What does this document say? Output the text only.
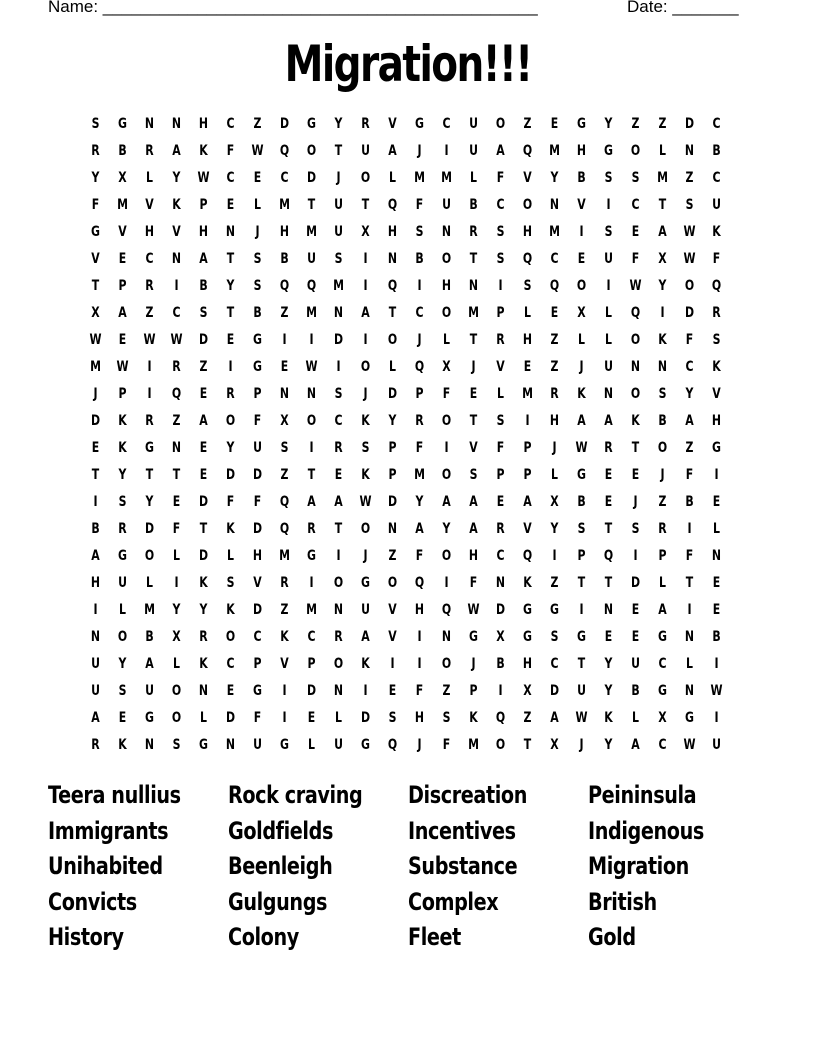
Name: ______________________________________________	Date: _______
Migration!!!
S	G	N	N	H	C	Z	D	G	Y	R	V	G	C	U	O	Z	E	G	Y	Z	Z	D	C
R	B	R	A	K	F	W	Q	O	T	U	A	J	I	U	A	Q	M	H	G	O	L	N	B
Y	X	L	Y	W	C	E	C	D	J	O	L	M	M	L	F	V	Y	B	S	S	M	Z	C
F	M	V	K	P	E	L	M	T	U	T	Q	F	U	B	C	O	N	V	I	C	T	S	U
G	V	H	V	H	N	J	H	M	U	X	H	S	N	R	S	H	M	I	S	E	A	W	K
V	E	C	N	A	T	S	B	U	S	I	N	B	O	T	S	Q	C	E	U	F	X	W	F
T	P	R	I	B	Y	S	Q	Q	M	I	Q	I	H	N	I	S	Q	O	I	W	Y	O	Q
X	A	Z	C	S	T	B	Z	M	N	A	T	C	O	M	P	L	E	X	L	Q	I	D	R
W	E	W	W	D	E	G	I	I	D	I	O	J	L	T	R	H	Z	L	L	O	K	F	S
M	W	I	R	Z	I	G	E	W	I	O	L	Q	X	J	V	E	Z	J	U	N	N	C	K
J	P	I	Q	E	R	P	N	N	S	J	D	P	F	E	L	M	R	K	N	O	S	Y	V
D	K	R	Z	A	O	F	X	O	C	K	Y	R	O	T	S	I	H	A	A	K	B	A	H
E	K	G	N	E	Y	U	S	I	R	S	P	F	I	V	F	P	J	W	R	T	O	Z	G
T	Y	T	T	E	D	D	Z	T	E	K	P	M	O	S	P	P	L	G	E	E	J	F	I
I	S	Y	E	D	F	F	Q	A	A	W	D	Y	A	A	E	A	X	B	E	J	Z	B	E
B	R	D	F	T	K	D	Q	R	T	O	N	A	Y	A	R	V	Y	S	T	S	R	I	L
A	G	O	L	D	L	H	M	G	I	J	Z	F	O	H	C	Q	I	P	Q	I	P	F	N
H	U	L	I	K	S	V	R	I	O	G	O	Q	I	F	N	K	Z	T	T	D	L	T	E
I	L	M	Y	Y	K	D	Z	M	N	U	V	H	Q	W	D	G	G	I	N	E	A	I	E
N	O	B	X	R	O	C	K	C	R	A	V	I	N	G	X	G	S	G	E	E	G	N	B
U	Y	A	L	K	C	P	V	P	O	K	I	I	O	J	B	H	C	T	Y	U	C	L	I
U	S	U	O	N	E	G	I	D	N	I	E	F	Z	P	I	X	D	U	Y	B	G	N	W
A	E	G	O	L	D	F	I	E	L	D	S	H	S	K	Q	Z	A	W	K	L	X	G	I
R	K	N	S	G	N	U	G	L	U	G	Q	J	F	M	O	T	X	J	Y	A	C	W	U
Teera nullius
Immigrants
Unihabited
Convicts
History
Rock craving
Goldfields
Beenleigh
Gulgungs
Colony
Discreation
Incentives
Substance
Complex
Fleet
Peininsula
Indigenous
Migration
British
Gold
